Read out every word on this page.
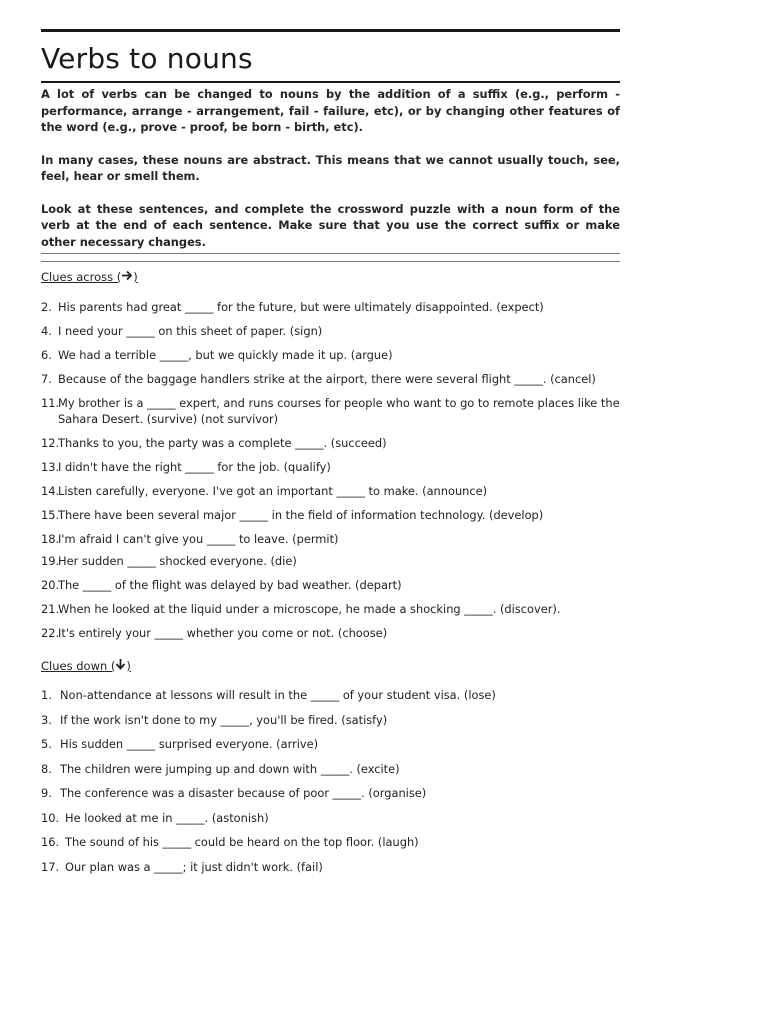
Verbs to nouns

A lot of verbs can be changed to nouns by the addition of a suffix (e.g., perform - performance, arrange - arrangement, fail - failure, etc), or by changing other features of the word (e.g., prove - proof, be born - birth, etc).

In many cases, these nouns are abstract. This means that we cannot usually touch, see, feel, hear or smell them.

Look at these sentences, and complete the crossword puzzle with a noun form of the verb at the end of each sentence. Make sure that you use the correct suffix or make other necessary changes.

Clues across ( )
2. His parents had great _____ for the future, but were ultimately disappointed. (expect)
4. I need your _____ on this sheet of paper. (sign)
6. We had a terrible _____, but we quickly made it up. (argue)
7. Because of the baggage handlers strike at the airport, there were several flight _____. (cancel)
11.
My brother is a _____ expert, and runs courses for people who want to go to remote places like the Sahara Desert. (survive) (not survivor)
12.
Thanks to you, the party was a complete _____. (succeed)
13.
I didn't have the right _____ for the job. (qualify)
14.
Listen carefully, everyone. I've got an important _____ to make. (announce)
15.
There have been several major _____ in the field of information technology. (develop)
18.
I'm afraid I can't give you _____ to leave. (permit)
19.
Her sudden _____ shocked everyone. (die)
20.
The _____ of the flight was delayed by bad weather. (depart)
21.
When he looked at the liquid under a microscope, he made a shocking _____. (discover).
22.
It's entirely your _____ whether you come or not. (choose)
Clues down ( )
1. Non-attendance at lessons will result in the _____ of your student visa. (lose)
3. If the work isn't done to my _____, you'll be fired. (satisfy)
5. His sudden _____ surprised everyone. (arrive)
8. The children were jumping up and down with _____. (excite)
9. The conference was a disaster because of poor _____. (organise)
10. He looked at me in _____. (astonish)
16. The sound of his _____ could be heard on the top floor. (laugh)
17. Our plan was a _____; it just didn't work. (fail)
